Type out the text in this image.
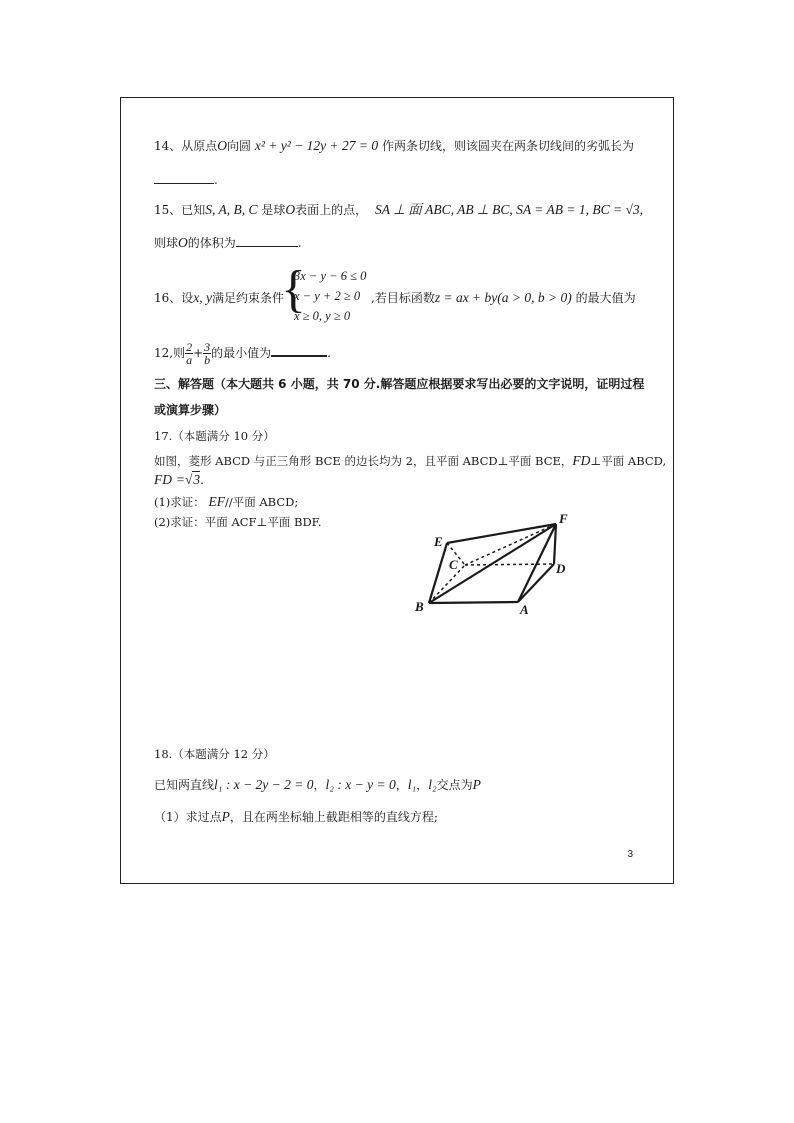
14、从原点O向圆 x² + y² − 12y + 27 = 0 作两条切线，则该圆夹在两条切线间的劣弧长为
.
15、已知S, A, B, C 是球O表面上的点， SA ⊥ 面 ABC, AB ⊥ BC, SA = AB = 1, BC = √3,
则球O的体积为	.
16、设x, y满足约束条件
{
3x − y − 6 ≤ 0
x − y + 2 ≥ 0
x ≥ 0, y ≥ 0
,若目标函数z = ax + by(a > 0, b > 0) 的最大值为
12,则 $\frac{2}{a} + \frac{3}{b}$ 的最小值为	.
三、解答题（本大题共 6 小题，共 70 分.解答题应根据要求写出必要的文字说明，证明过程
或演算步骤）
17.（本题满分 10 分）
如图，菱形 ABCD 与正三角形 BCE 的边长均为 2，且平面 ABCD⊥平面 BCE，FD⊥平面 ABCD,
FD =√3.
(1)求证： EF//平面 ABCD;
(2)求证：平面 ACF⊥平面 BDF.
E
C
F
D
B	A
18.（本题满分 12 分）
已知两直线l₁ : x − 2y − 2 = 0，l₂ : x − y = 0，l₁，l₂交点为P
（1）求过点P，且在两坐标轴上截距相等的直线方程;
3
